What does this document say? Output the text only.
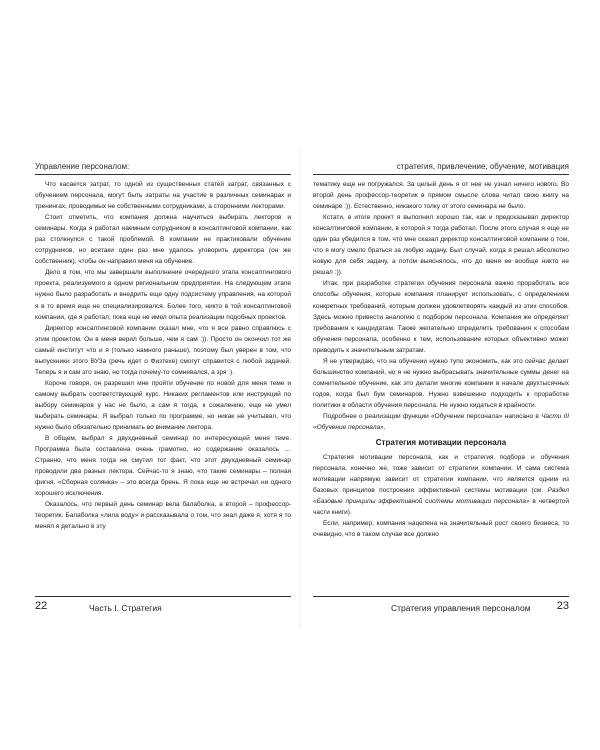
Управление персоналом:

Что касается затрат, то одной из существенных статей затрат, связанных с обучением персонала, могут быть затраты на участие в различных семинарах и тренингах, проводимых не собственными сотрудниками, а сторонними лекторами.

Стоит отметить, что компания должна научиться выбирать лекторов и семинары. Когда я работал наемным сотрудником в консалтинговой компании, как раз столкнулся с такой проблемой. В компании не практиковали обучение сотрудников, но всетаки один раз мне удалось уговорить директора (он же собственник), чтобы он направил меня на обучение.

Дело в том, что мы завершали выполнение очередного этапа консалтингового проекта, реализуемого в одном региональном предприятии. На следующем этапе нужно было разработать и внедрить еще одну подсистему управления, на которой я в то время еще не специализировался. Более того, никто в той консалтинговой компании, где я работал, пока еще не имел опыта реализации подобных проектов.

Директор консалтинговой компании сказал мне, что я все равно справлюсь с этим проектом. Он в меня верил больше, чем я сам :)). Просто он окончил тот же самый институт что и я (только намного раньше), поэтому был уверен в том, что выпускники этого ВУЗа (речь идет о Физтехе) смогут справится с любой задачей. Теперь я и сам это знаю, но тогда почему-то сомневался, а зря :).

Короче говоря, он разрешил мне пройти обучение по новой для меня теме и самому выбрать соответствующий курс. Никаких регламентов или инструкций по выбору семинаров у нас не было, а сам я тогда, к сожалению, еще не умел выбирать семинары. Я выбрал только по программе, но никак не учитывал, что нужно было обязательно принимать во внимание лектора.

В общем, выбрал я двухдневный семинар по интересующей меня теме. Программа была составлена очень грамотно, но содержание оказалось … Странно, что меня тогда не смутил тот факт, что этот двухдневный семинар проводили два разных лектора. Сейчас-то я знаю, что такие семинары – полная фигня. «Сборная солянка» – это всегда брень. Я пока еще не встречал ни одного хорошего исключения.

Оказалось, что первый день семинар вела балаболка, а второй – профессор-теоретик. Балаболка «лила воду» и рассказывала о том, что знал даже я, хотя я то менял я детально в эту

22	Часть I. Стратегия
стратегия, привлечение, обучение, мотивация

тематику еще не погружался. За целый день я от нее не узнал ничего нового. Во второй день профессор-теоретик в прямом смысле слова читал свою книгу на семинаре :)). Естественно, никакого толку от этого семинара не было.

Кстати, в итоге проект я выполнил хорошо так, как и предсказывал директор консалтинговой компании, в которой я тогда работал. После этого случая я еще не один раз убедился в том, что мне сказал директор консалтинговой компании о том, что я могу смело браться за любую задачу. Был случай, когда я решал абсолютно новую для себя задачу, а потом выяснялось, что до меня ее вообще никто не решал :)).

Итак, при разработке стратегии обучения персонала важно проработать все способы обучения, которые компания планирует использовать, с определением конкретных требований, которым должен удовлетворять каждый из этих способов. Здесь можно привести аналогию с подбором персонала. Компания же определяет требования к кандидатам. Также желательно определить требования к способам обучения персонала, особенно к тем, использование которых объективно может приводить к значительным затратам.

Я не утверждаю, что на обучении нужно тупо экономить, как это сейчас делает большинство компаний, но я не нужно выбрасывать значительные суммы денег на сомнительное обучение, как это делали многие компании в начале двухтысячных годов, когда был бум семинаров. Нужно взвешенно подходить к проработке политики в области обучения персонала. Не нужно кидаться в крайности.

Подробнее о реализации функции «Обучение персонала» написано в Части III «Обучение персонала».

Стратегия мотивации персонала

Стратегия мотивации персонала, как и стратегия подбора и обучения персонала, конечно же, тоже зависит от стратегии компании. И сама система мотивации напрямую зависит от стратегии компании, что является одним из базовых принципов построения эффективной системы мотивации (см. Раздел «Базовые принципы эффективной системы мотивации персонала» в четвертой части книги).

Если, например, компания нацелена на значительный рост своего бизнеса, то очевидно, что в таком случае все должно

Стратегия управления персоналом 23
